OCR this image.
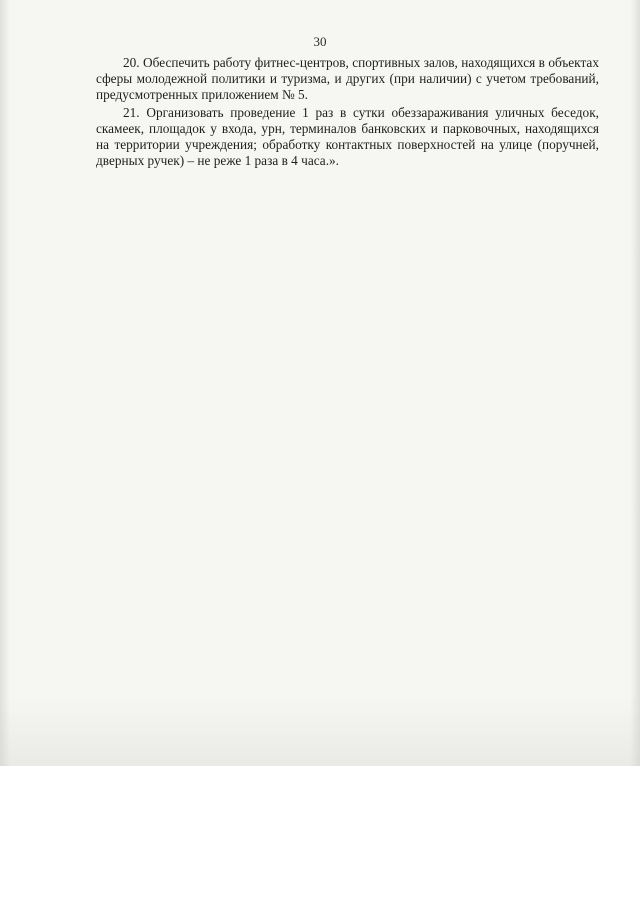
30

20. Обеспечить работу фитнес-центров, спортивных залов, находящихся в объектах сферы молодежной политики и туризма, и других (при наличии) с учетом требований, предусмотренных приложением № 5.

21. Организовать проведение 1 раз в сутки обеззараживания уличных беседок, скамеек, площадок у входа, урн, терминалов банковских и парковочных, находящихся на территории учреждения; обработку контактных поверхностей на улице (поручней, дверных ручек) – не реже 1 раза в 4 часа.».
